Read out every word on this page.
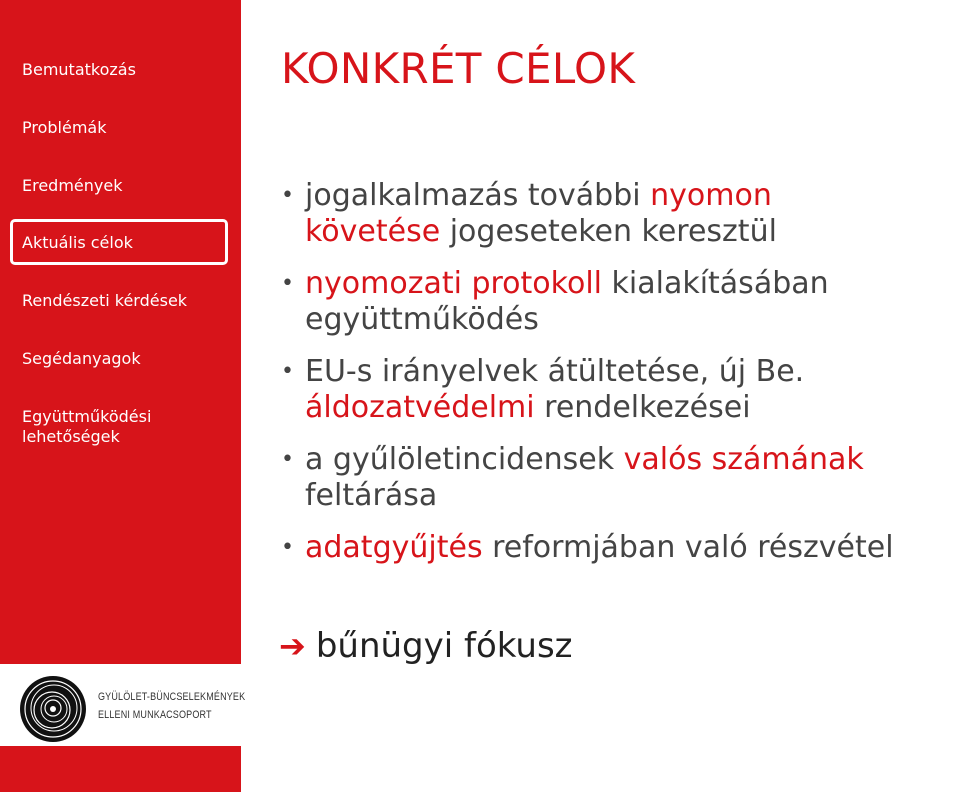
Bemutatkozás
Problémák
Eredmények
Aktuális célok
Rendészeti kérdések
Segédanyagok
Együttműködési lehetőségek
GYÜLÖLET-BÜNCSELEKMÉNYEK
ELLENI MUNKACSOPORT
KONKRÉT CÉLOK
• jogalkalmazás további nyomon
követése jogeseteken keresztül
• nyomozati protokoll kialakításában
együttműködés
• EU-s irányelvek átültetése, új Be.
áldozatvédelmi rendelkezései
• a gyűlöletincidensek valós számának
feltárása
• adatgyűjtés reformjában való részvétel
➔ bűnügyi fókusz
